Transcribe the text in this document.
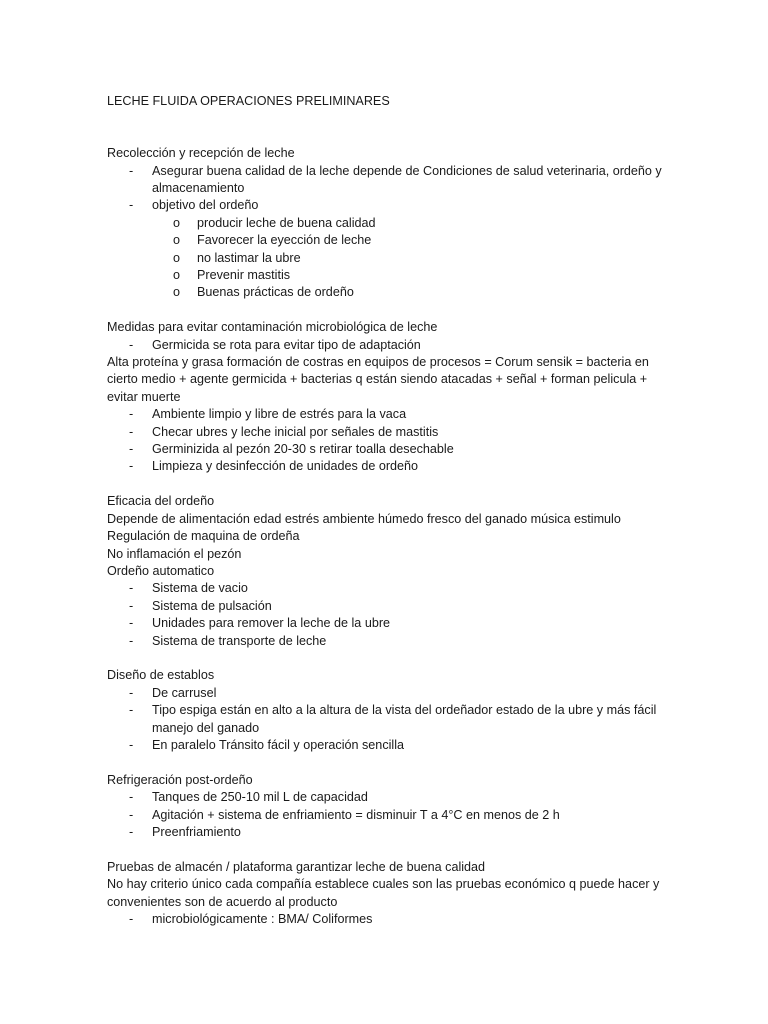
LECHE FLUIDA OPERACIONES PRELIMINARES

Recolección y recepción de leche

- Asegurar buena calidad de la leche depende de Condiciones de salud veterinaria, ordeño y almacenamiento
- objetivo del ordeño
o producir leche de buena calidad
o Favorecer la eyección de leche
o no lastimar la ubre
o Prevenir mastitis
o Buenas prácticas de ordeño

Medidas para evitar contaminación microbiológica de leche

- Germicida se rota para evitar tipo de adaptación

Alta proteína y grasa formación de costras en equipos de procesos = Corum sensik = bacteria en cierto medio + agente germicida + bacterias q están siendo atacadas + señal + forman pelicula + evitar muerte

- Ambiente limpio y libre de estrés para la vaca
- Checar ubres y leche inicial por señales de mastitis
- Germinizida al pezón 20-30 s retirar toalla desechable
- Limpieza y desinfección de unidades de ordeño

Eficacia del ordeño

Depende de alimentación edad estrés ambiente húmedo fresco del ganado música estimulo

Regulación de maquina de ordeña

No inflamación el pezón

Ordeño automatico

- Sistema de vacio
- Sistema de pulsación
- Unidades para remover la leche de la ubre
- Sistema de transporte de leche

Diseño de establos

- De carrusel
- Tipo espiga están en alto a la altura de la vista del ordeñador estado de la ubre y más fácil manejo del ganado
- En paralelo Tránsito fácil y operación sencilla

Refrigeración post-ordeño

- Tanques de 250-10 mil L de capacidad
- Agitación + sistema de enfriamiento = disminuir T a 4°C en menos de 2 h
- Preenfriamiento

Pruebas de almacén / plataforma garantizar leche de buena calidad

No hay criterio único cada compañía establece cuales son las pruebas económico q puede hacer y convenientes son de acuerdo al producto

- microbiológicamente : BMA/ Coliformes
